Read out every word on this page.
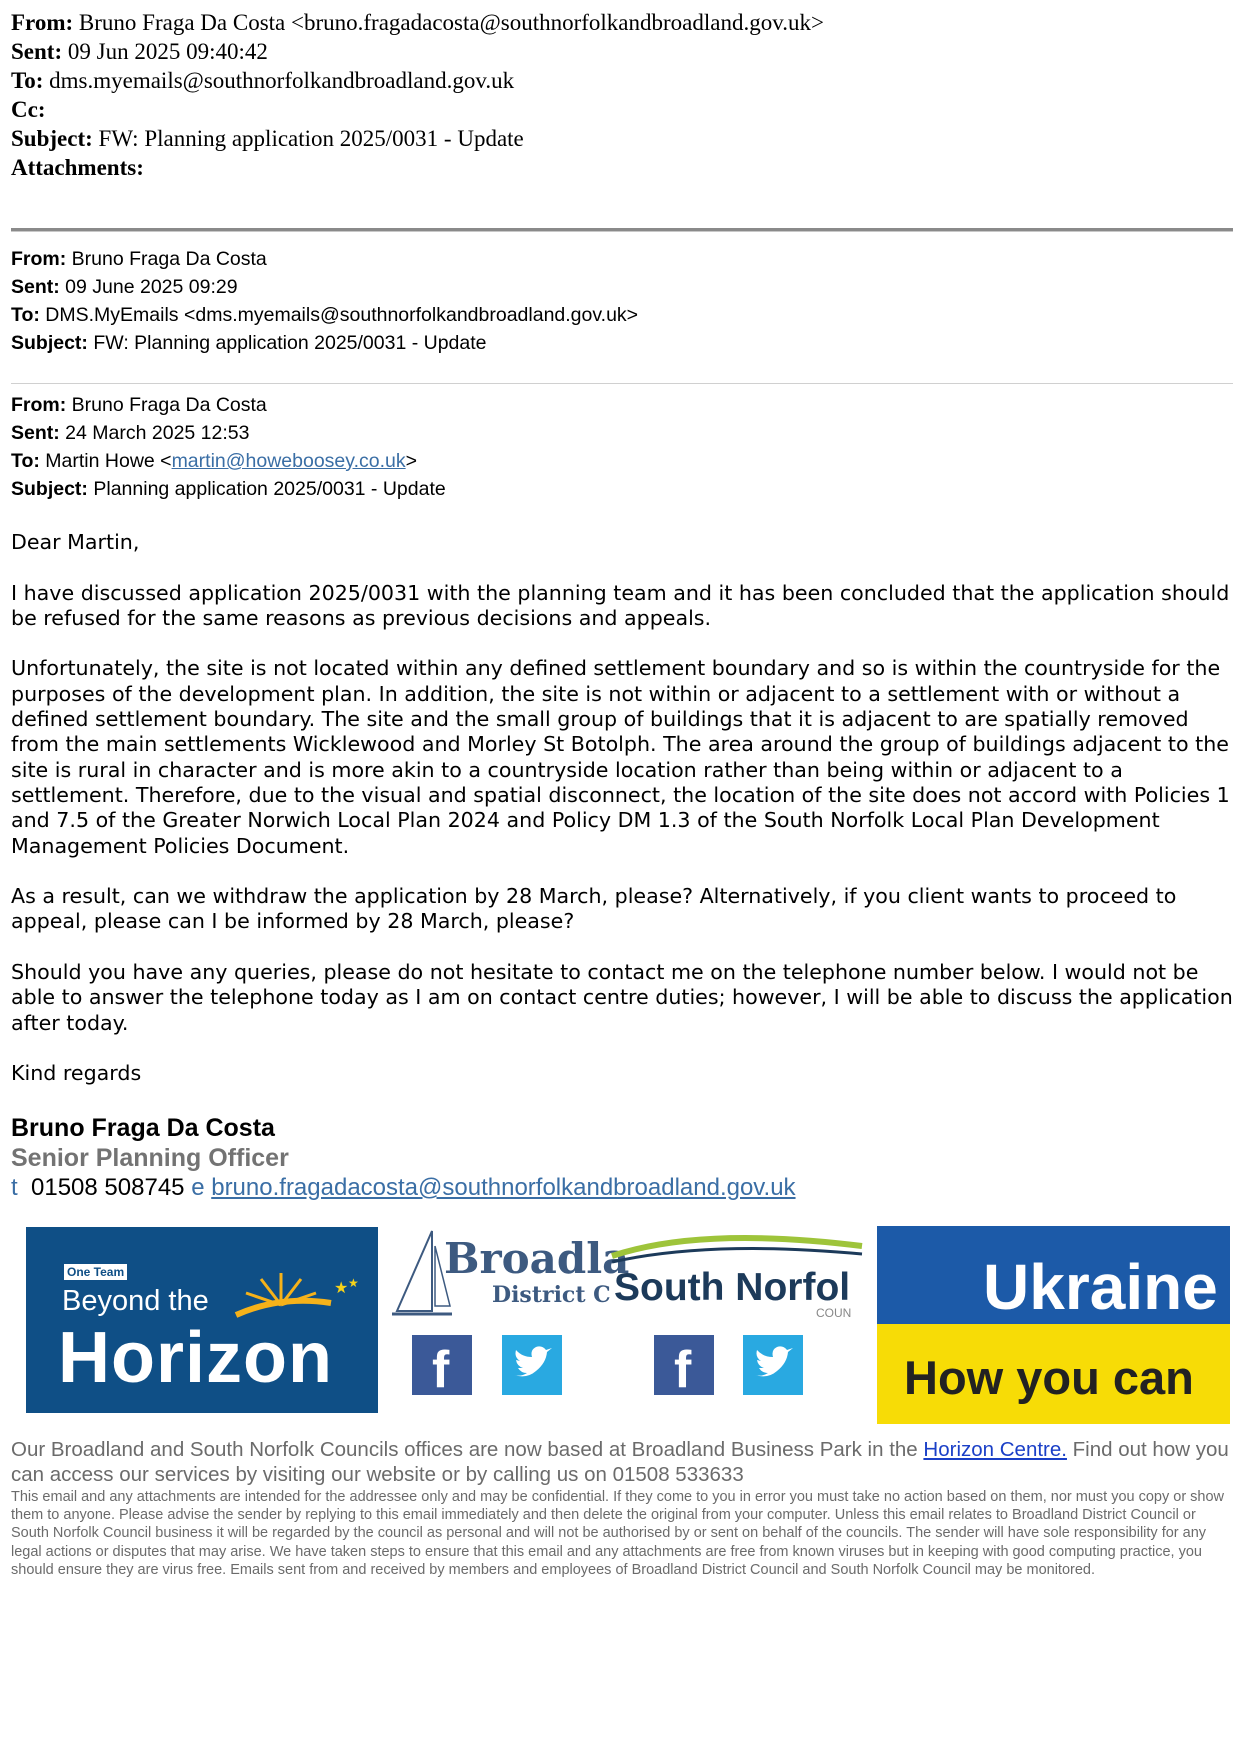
From: Bruno Fraga Da Costa <bruno.fragadacosta@southnorfolkandbroadland.gov.uk>
Sent: 09 Jun 2025 09:40:42
To: dms.myemails@southnorfolkandbroadland.gov.uk
Cc:
Subject: FW: Planning application 2025/0031 - Update
Attachments:
From: Bruno Fraga Da Costa
Sent: 09 June 2025 09:29
To: DMS.MyEmails <dms.myemails@southnorfolkandbroadland.gov.uk>
Subject: FW: Planning application 2025/0031 - Update
From: Bruno Fraga Da Costa
Sent: 24 March 2025 12:53
To: Martin Howe <martin@howeboosey.co.uk>
Subject: Planning application 2025/0031 - Update

Dear Martin,

I have discussed application 2025/0031 with the planning team and it has been concluded that the application should be refused for the same reasons as previous decisions and appeals.

Unfortunately, the site is not located within any defined settlement boundary and so is within the countryside for the purposes of the development plan. In addition, the site is not within or adjacent to a settlement with or without a defined settlement boundary. The site and the small group of buildings that it is adjacent to are spatially removed from the main settlements Wicklewood and Morley St Botolph. The area around the group of buildings adjacent to the site is rural in character and is more akin to a countryside location rather than being within or adjacent to a settlement. Therefore, due to the visual and spatial disconnect, the location of the site does not accord with Policies 1 and 7.5 of the Greater Norwich Local Plan 2024 and Policy DM 1.3 of the South Norfolk Local Plan Development Management Policies Document.

As a result, can we withdraw the application by 28 March, please? Alternatively, if you client wants to proceed to appeal, please can I be informed by 28 March, please?

Should you have any queries, please do not hesitate to contact me on the telephone number below. I would not be able to answer the telephone today as I am on contact centre duties; however, I will be able to discuss the application after today.

Kind regards

Bruno Fraga Da Costa
Senior Planning Officer
t 01508 508745 e bruno.fragadacosta@southnorfolkandbroadland.gov.uk
One Team
Beyond the
Horizon
★ ★ Broadla
District C
f
South Norfol
COUN
f
Ukraine
How you can
Our Broadland and South Norfolk Councils offices are now based at Broadland Business Park in the Horizon Centre. Find out how you can access our services by visiting our website or by calling us on 01508 533633
This email and any attachments are intended for the addressee only and may be confidential. If they come to you in error you must take no action based on them, nor must you copy or show them to anyone. Please advise the sender by replying to this email immediately and then delete the original from your computer. Unless this email relates to Broadland District Council or South Norfolk Council business it will be regarded by the council as personal and will not be authorised by or sent on behalf of the councils. The sender will have sole responsibility for any legal actions or disputes that may arise. We have taken steps to ensure that this email and any attachments are free from known viruses but in keeping with good computing practice, you should ensure they are virus free. Emails sent from and received by members and employees of Broadland District Council and South Norfolk Council may be monitored.
